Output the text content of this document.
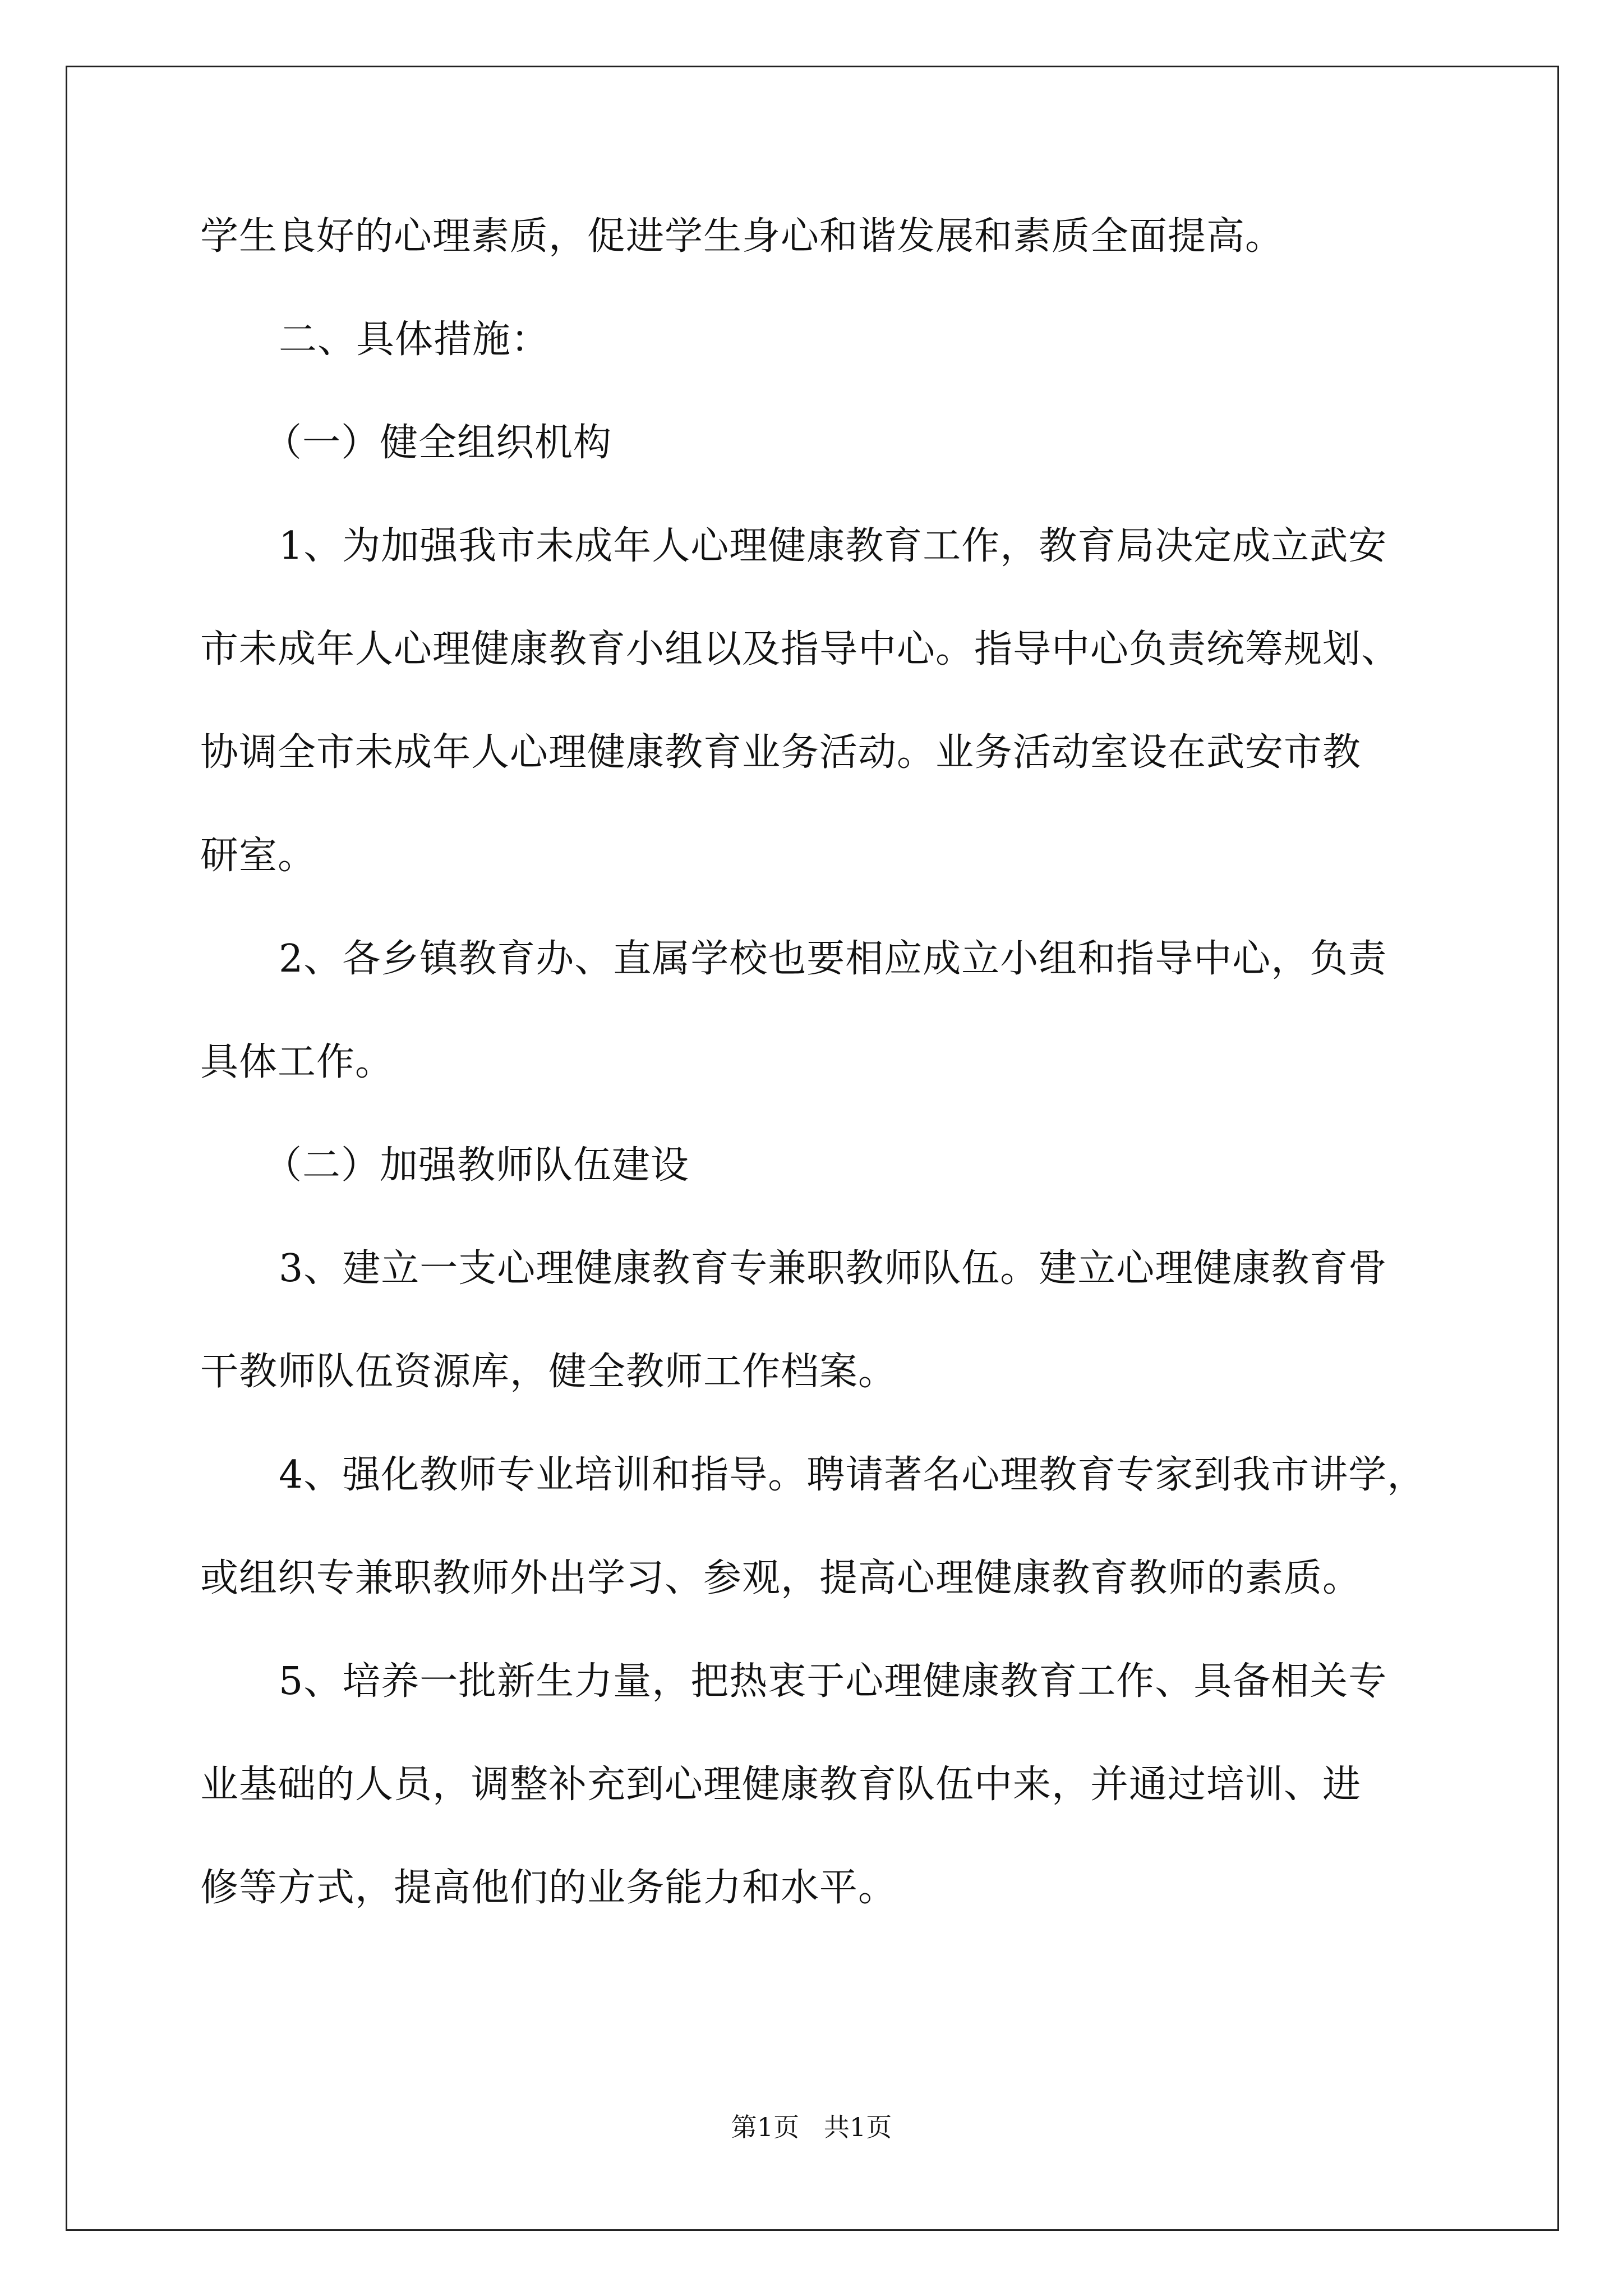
学生良好的心理素质，促进学生身心和谐发展和素质全面提高。
二、具体措施：
（一）健全组织机构
1、为加强我市未成年人心理健康教育工作，教育局决定成立武安
市未成年人心理健康教育小组以及指导中心。指导中心负责统筹规划、
协调全市未成年人心理健康教育业务活动。业务活动室设在武安市教
研室。
2、各乡镇教育办、直属学校也要相应成立小组和指导中心，负责
具体工作。
（二）加强教师队伍建设
3、建立一支心理健康教育专兼职教师队伍。建立心理健康教育骨
干教师队伍资源库，健全教师工作档案。
4、强化教师专业培训和指导。聘请著名心理教育专家到我市讲学，
或组织专兼职教师外出学习、参观，提高心理健康教育教师的素质。
5、培养一批新生力量，把热衷于心理健康教育工作、具备相关专
业基础的人员，调整补充到心理健康教育队伍中来，并通过培训、进
修等方式，提高他们的业务能力和水平。
第1页   共1页
